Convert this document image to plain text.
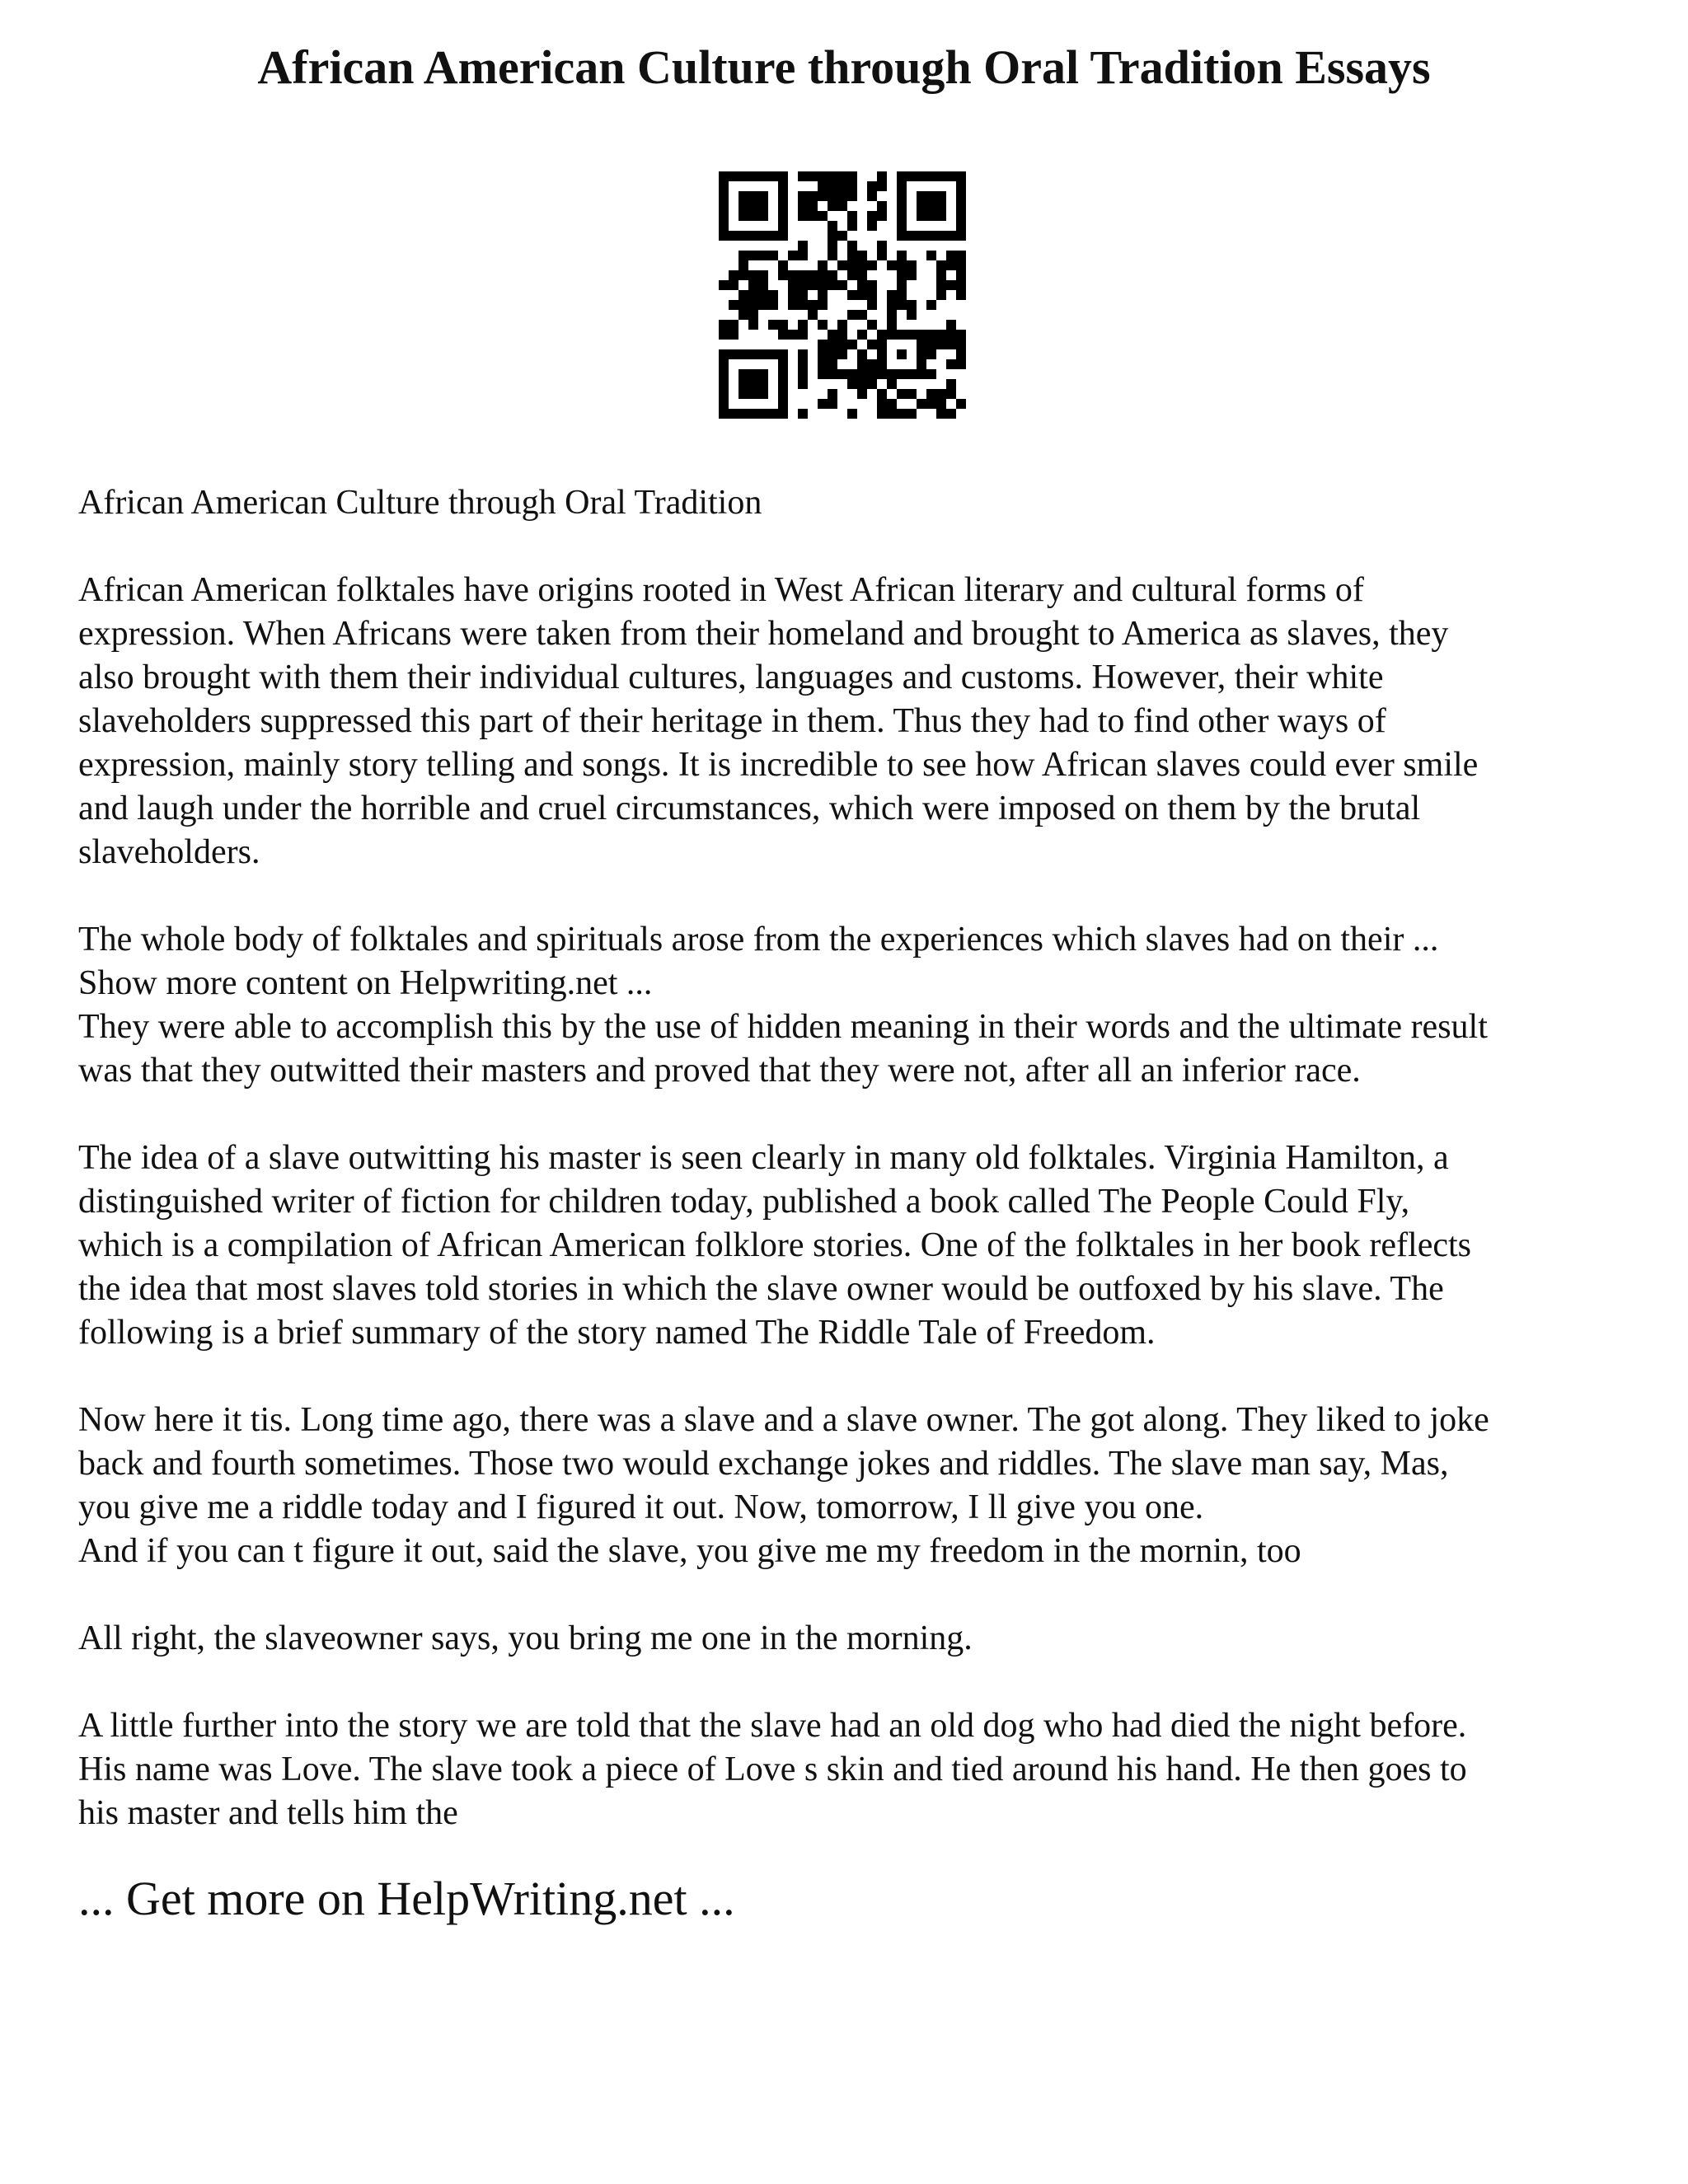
African American Culture through Oral Tradition Essays

African American Culture through Oral Tradition

African American folktales have origins rooted in West African literary and cultural forms of
expression. When Africans were taken from their homeland and brought to America as slaves, they
also brought with them their individual cultures, languages and customs. However, their white
slaveholders suppressed this part of their heritage in them. Thus they had to find other ways of
expression, mainly story telling and songs. It is incredible to see how African slaves could ever smile
and laugh under the horrible and cruel circumstances, which were imposed on them by the brutal
slaveholders.

The whole body of folktales and spirituals arose from the experiences which slaves had on their ...

Show more content on Helpwriting.net ...

They were able to accomplish this by the use of hidden meaning in their words and the ultimate result
was that they outwitted their masters and proved that they were not, after all an inferior race.

The idea of a slave outwitting his master is seen clearly in many old folktales. Virginia Hamilton, a
distinguished writer of fiction for children today, published a book called The People Could Fly,
which is a compilation of African American folklore stories. One of the folktales in her book reflects
the idea that most slaves told stories in which the slave owner would be outfoxed by his slave. The
following is a brief summary of the story named The Riddle Tale of Freedom.

Now here it tis. Long time ago, there was a slave and a slave owner. The got along. They liked to joke
back and fourth sometimes. Those two would exchange jokes and riddles. The slave man say, Mas,
you give me a riddle today and I figured it out. Now, tomorrow, I ll give you one.

And if you can t figure it out, said the slave, you give me my freedom in the mornin, too

All right, the slaveowner says, you bring me one in the morning.

A little further into the story we are told that the slave had an old dog who had died the night before.
His name was Love. The slave took a piece of Love s skin and tied around his hand. He then goes to
his master and tells him the

... Get more on HelpWriting.net ...
